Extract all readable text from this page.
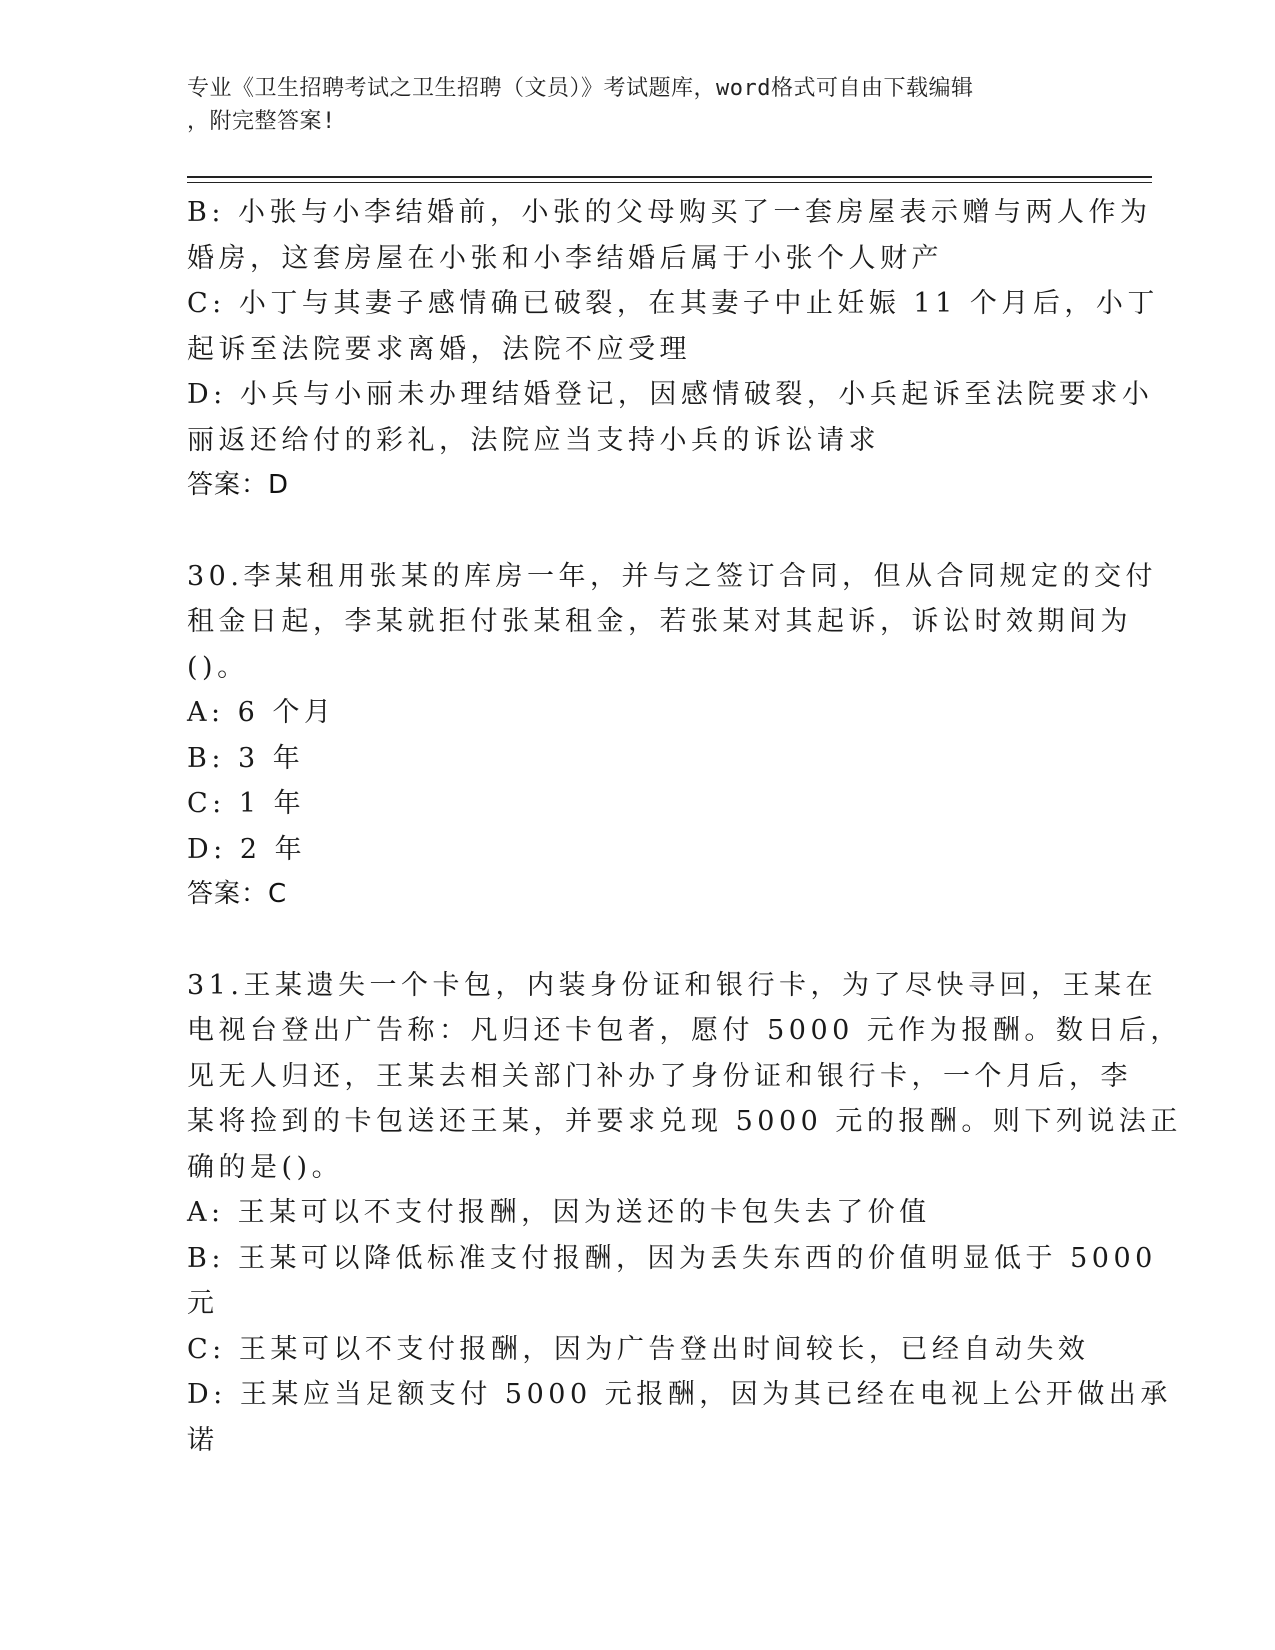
专业《卫生招聘考试之卫生招聘（文员）》考试题库，word格式可自由下载编辑
，附完整答案!
B: 小张与小李结婚前，小张的父母购买了一套房屋表示赠与两人作为
婚房，这套房屋在小张和小李结婚后属于小张个人财产
C: 小丁与其妻子感情确已破裂，在其妻子中止妊娠 11 个月后，小丁
起诉至法院要求离婚，法院不应受理
D: 小兵与小丽未办理结婚登记，因感情破裂，小兵起诉至法院要求小
丽返还给付的彩礼，法院应当支持小兵的诉讼请求
答案：D
30.李某租用张某的库房一年，并与之签订合同，但从合同规定的交付
租金日起，李某就拒付张某租金，若张某对其起诉，诉讼时效期间为
()。
A: 6 个月
B: 3 年
C: 1 年
D: 2 年
答案：C
31.王某遗失一个卡包，内装身份证和银行卡，为了尽快寻回，王某在
电视台登出广告称：凡归还卡包者，愿付 5000 元作为报酬。数日后，
见无人归还，王某去相关部门补办了身份证和银行卡，一个月后，李
某将捡到的卡包送还王某，并要求兑现 5000 元的报酬。则下列说法正
确的是()。
A: 王某可以不支付报酬，因为送还的卡包失去了价值
B: 王某可以降低标准支付报酬，因为丢失东西的价值明显低于 5000
元
C: 王某可以不支付报酬，因为广告登出时间较长，已经自动失效
D: 王某应当足额支付 5000 元报酬，因为其已经在电视上公开做出承
诺
